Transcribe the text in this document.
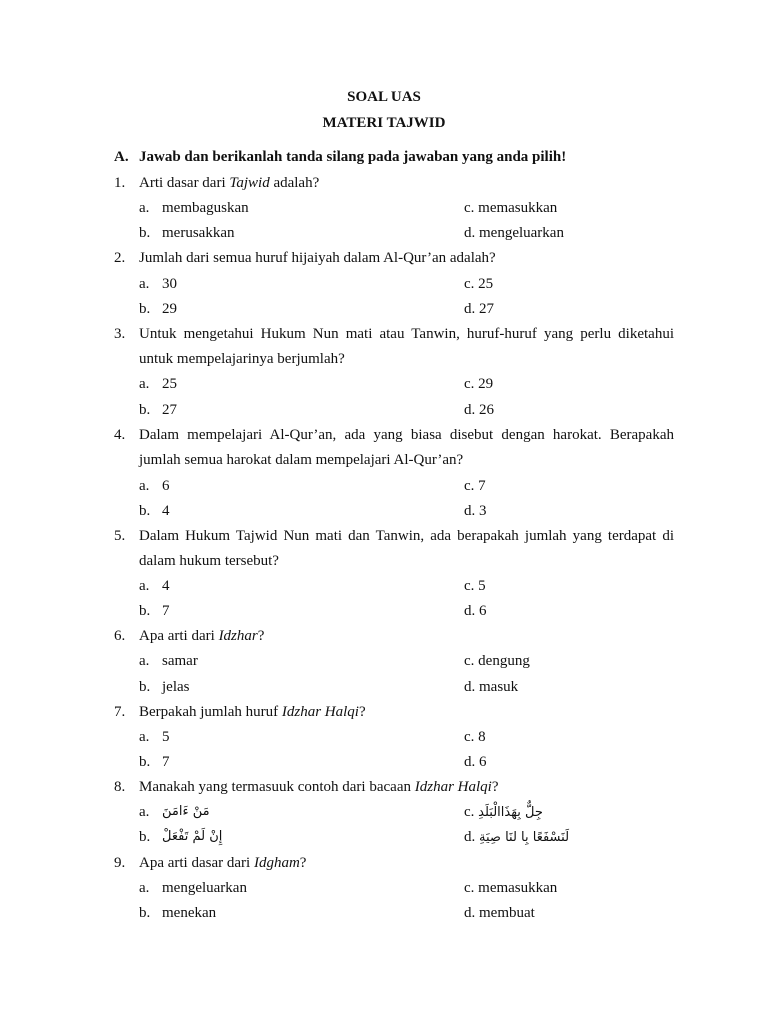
SOAL UAS
MATERI TAJWID
A. Jawab dan berikanlah tanda silang pada jawaban yang anda pilih!
1. Arti dasar dari Tajwid adalah?
a. membaguskan	c. memasukkan
b. merusakkan	d. mengeluarkan
2. Jumlah dari semua huruf hijaiyah dalam Al-Qur’an adalah?
a. 30	c. 25
b. 29	d. 27
3. Untuk mengetahui Hukum Nun mati atau Tanwin, huruf-huruf yang perlu diketahui
untuk mempelajarinya berjumlah?
a. 25	c. 29
b. 27	d. 26
4. Dalam mempelajari Al-Qur’an, ada yang biasa disebut dengan harokat. Berapakah
jumlah semua harokat dalam mempelajari Al-Qur’an?
a. 6	c. 7
b. 4	d. 3
5. Dalam Hukum Tajwid Nun mati dan Tanwin, ada berapakah jumlah yang terdapat di
dalam hukum tersebut?
a. 4	c. 5
b. 7	d. 6
6. Apa arti dari Idzhar?
a. samar	c. dengung
b. jelas	d. masuk
7. Berpakah jumlah huruf Idzhar Halqi?
a. 5	c. 8
b. 7	d. 6
8. Manakah yang termasuuk contoh dari bacaan Idzhar Halqi?
a. مَنْ ءَامَنَ	c. جِلٌّ بِهَذَاالْبَلَدِ
b. إِنْ لَمْ تَفْعَلْ	d. لَنَسْفَعًا بِا لنَا صِيَةِ
9. Apa arti dasar dari Idgham?
a. mengeluarkan	c. memasukkan
b. menekan	d. membuat
